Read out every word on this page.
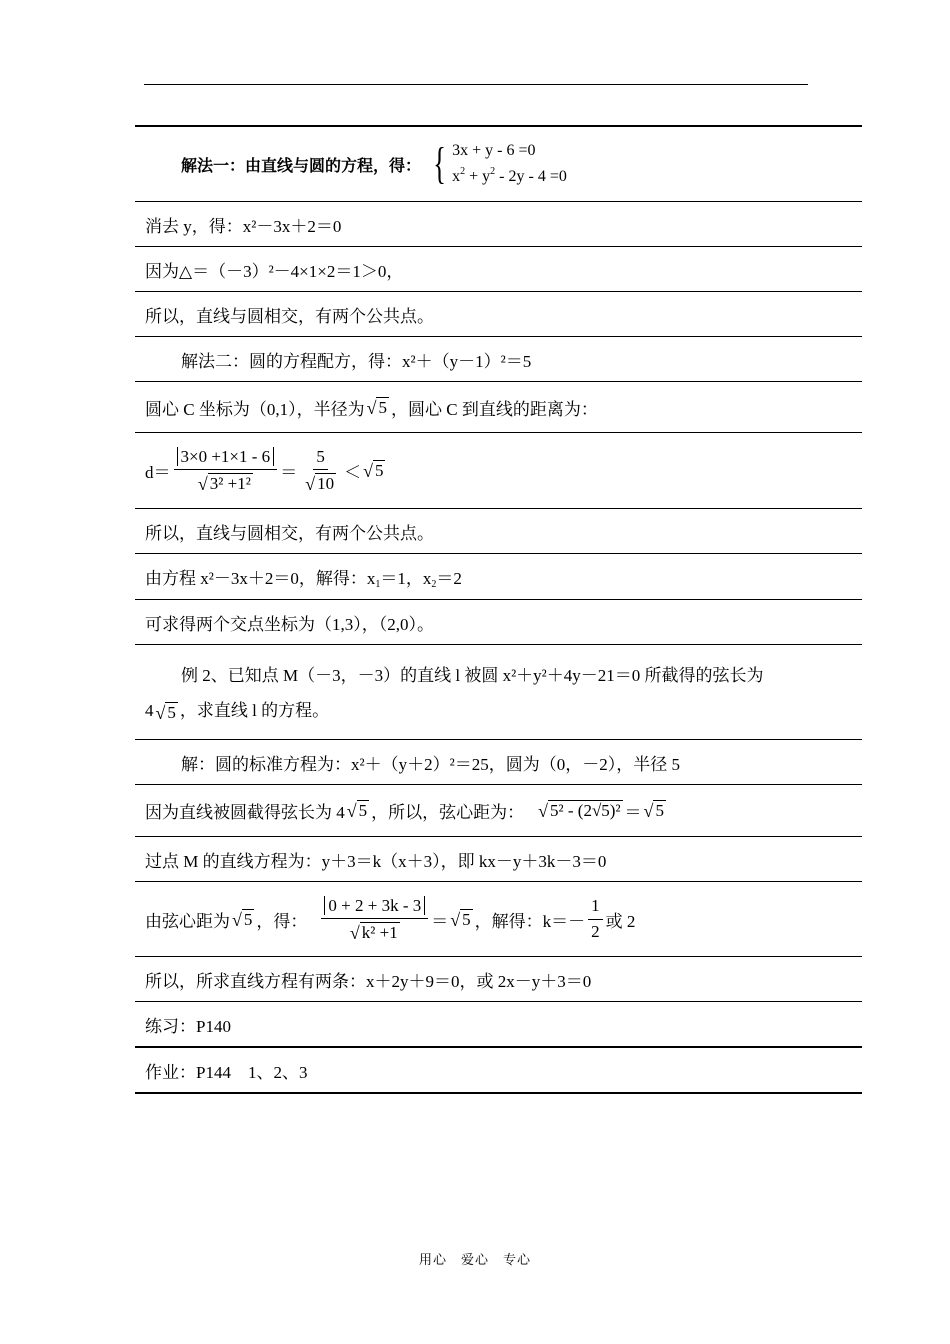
解法一：由直线与圆的方程，得： { 3x + y - 6 =0
$x^2 + y^2 - 2y - 4 =0$
消去 y，得：x²－3x＋2＝0
因为△＝（－3）²－4×1×2＝1＞0，
所以，直线与圆相交，有两个公共点。
解法二：圆的方程配方，得：x²＋（y－1）²＝5
圆心 C 坐标为（0,1），半径为 √ 5 ，圆心 C 到直线的距离为：
$d= \frac{3\times 0 +1\times 1 - 6}{\text{√ 3² +1²}} = \frac{5}{√ 10}$ ＜ √ 5
所以，直线与圆相交，有两个公共点。
由方程 x²－3x＋2＝0，解得：$x_1=1$，$x_2=2$
可求得两个交点坐标为（1,3），（2,0）。
例 2、已知点 M（－3，－3）的直线 l 被圆 x²＋y²＋4y－21＝0 所截得的弦长为
4 √ 5 ，求直线 l 的方程。
解：圆的标准方程为：x²＋（y＋2）²＝25，圆为（0，－2），半径 5
因为直线被圆截得弦长为 4 √ 5 ，所以，弦心距为： √ 5² - (2√5)² ＝ √ 5
过点 M 的直线方程为：y＋3＝k（x＋3），即 kx－y＋3k－3＝0
由弦心距为 √ 5 ，得： $\frac{0 + 2 + 3k - 3}{\text{√ k² +1}}$ ＝ √ 5 ，解得：$k=- \frac{1}{2}$ 或 2
所以，所求直线方程有两条：x＋2y＋9＝0，或 2x－y＋3＝0
练习：P140
作业：P144　1、2、3
用心　爱心　专心
